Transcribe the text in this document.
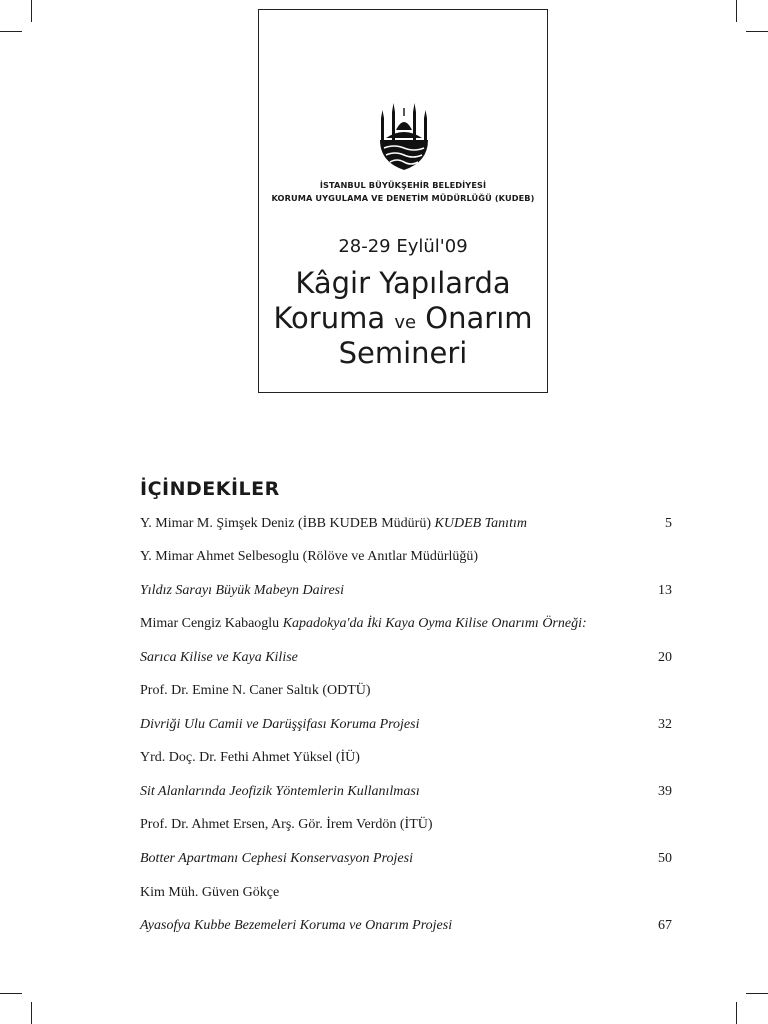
İSTANBUL BÜYÜKŞEHİR BELEDİYESİ
KORUMA UYGULAMA VE DENETİM MÜDÜRLÜĞÜ (KUDEB)
28-29 Eylül'09
Kâgir Yapılarda
Koruma ve Onarım
Semineri
İÇİNDEKİLER
Y. Mimar M. Şimşek Deniz (İBB KUDEB Müdürü) KUDEB Tanıtım	5
Y. Mimar Ahmet Selbesoglu (Rölöve ve Anıtlar Müdürlüğü)
Yıldız Sarayı Büyük Mabeyn Dairesi	13
Mimar Cengiz Kabaoglu Kapadokya'da İki Kaya Oyma Kilise Onarımı Örneği:
Sarıca Kilise ve Kaya Kilise	20
Prof. Dr. Emine N. Caner Saltık (ODTÜ)
Divriği Ulu Camii ve Darüşşifası Koruma Projesi	32
Yrd. Doç. Dr. Fethi Ahmet Yüksel (İÜ)
Sit Alanlarında Jeofizik Yöntemlerin Kullanılması	39
Prof. Dr. Ahmet Ersen, Arş. Gör. İrem Verdön (İTÜ)
Botter Apartmanı Cephesi Konservasyon Projesi	50
Kim Müh. Güven Gökçe
Ayasofya Kubbe Bezemeleri Koruma ve Onarım Projesi	67
